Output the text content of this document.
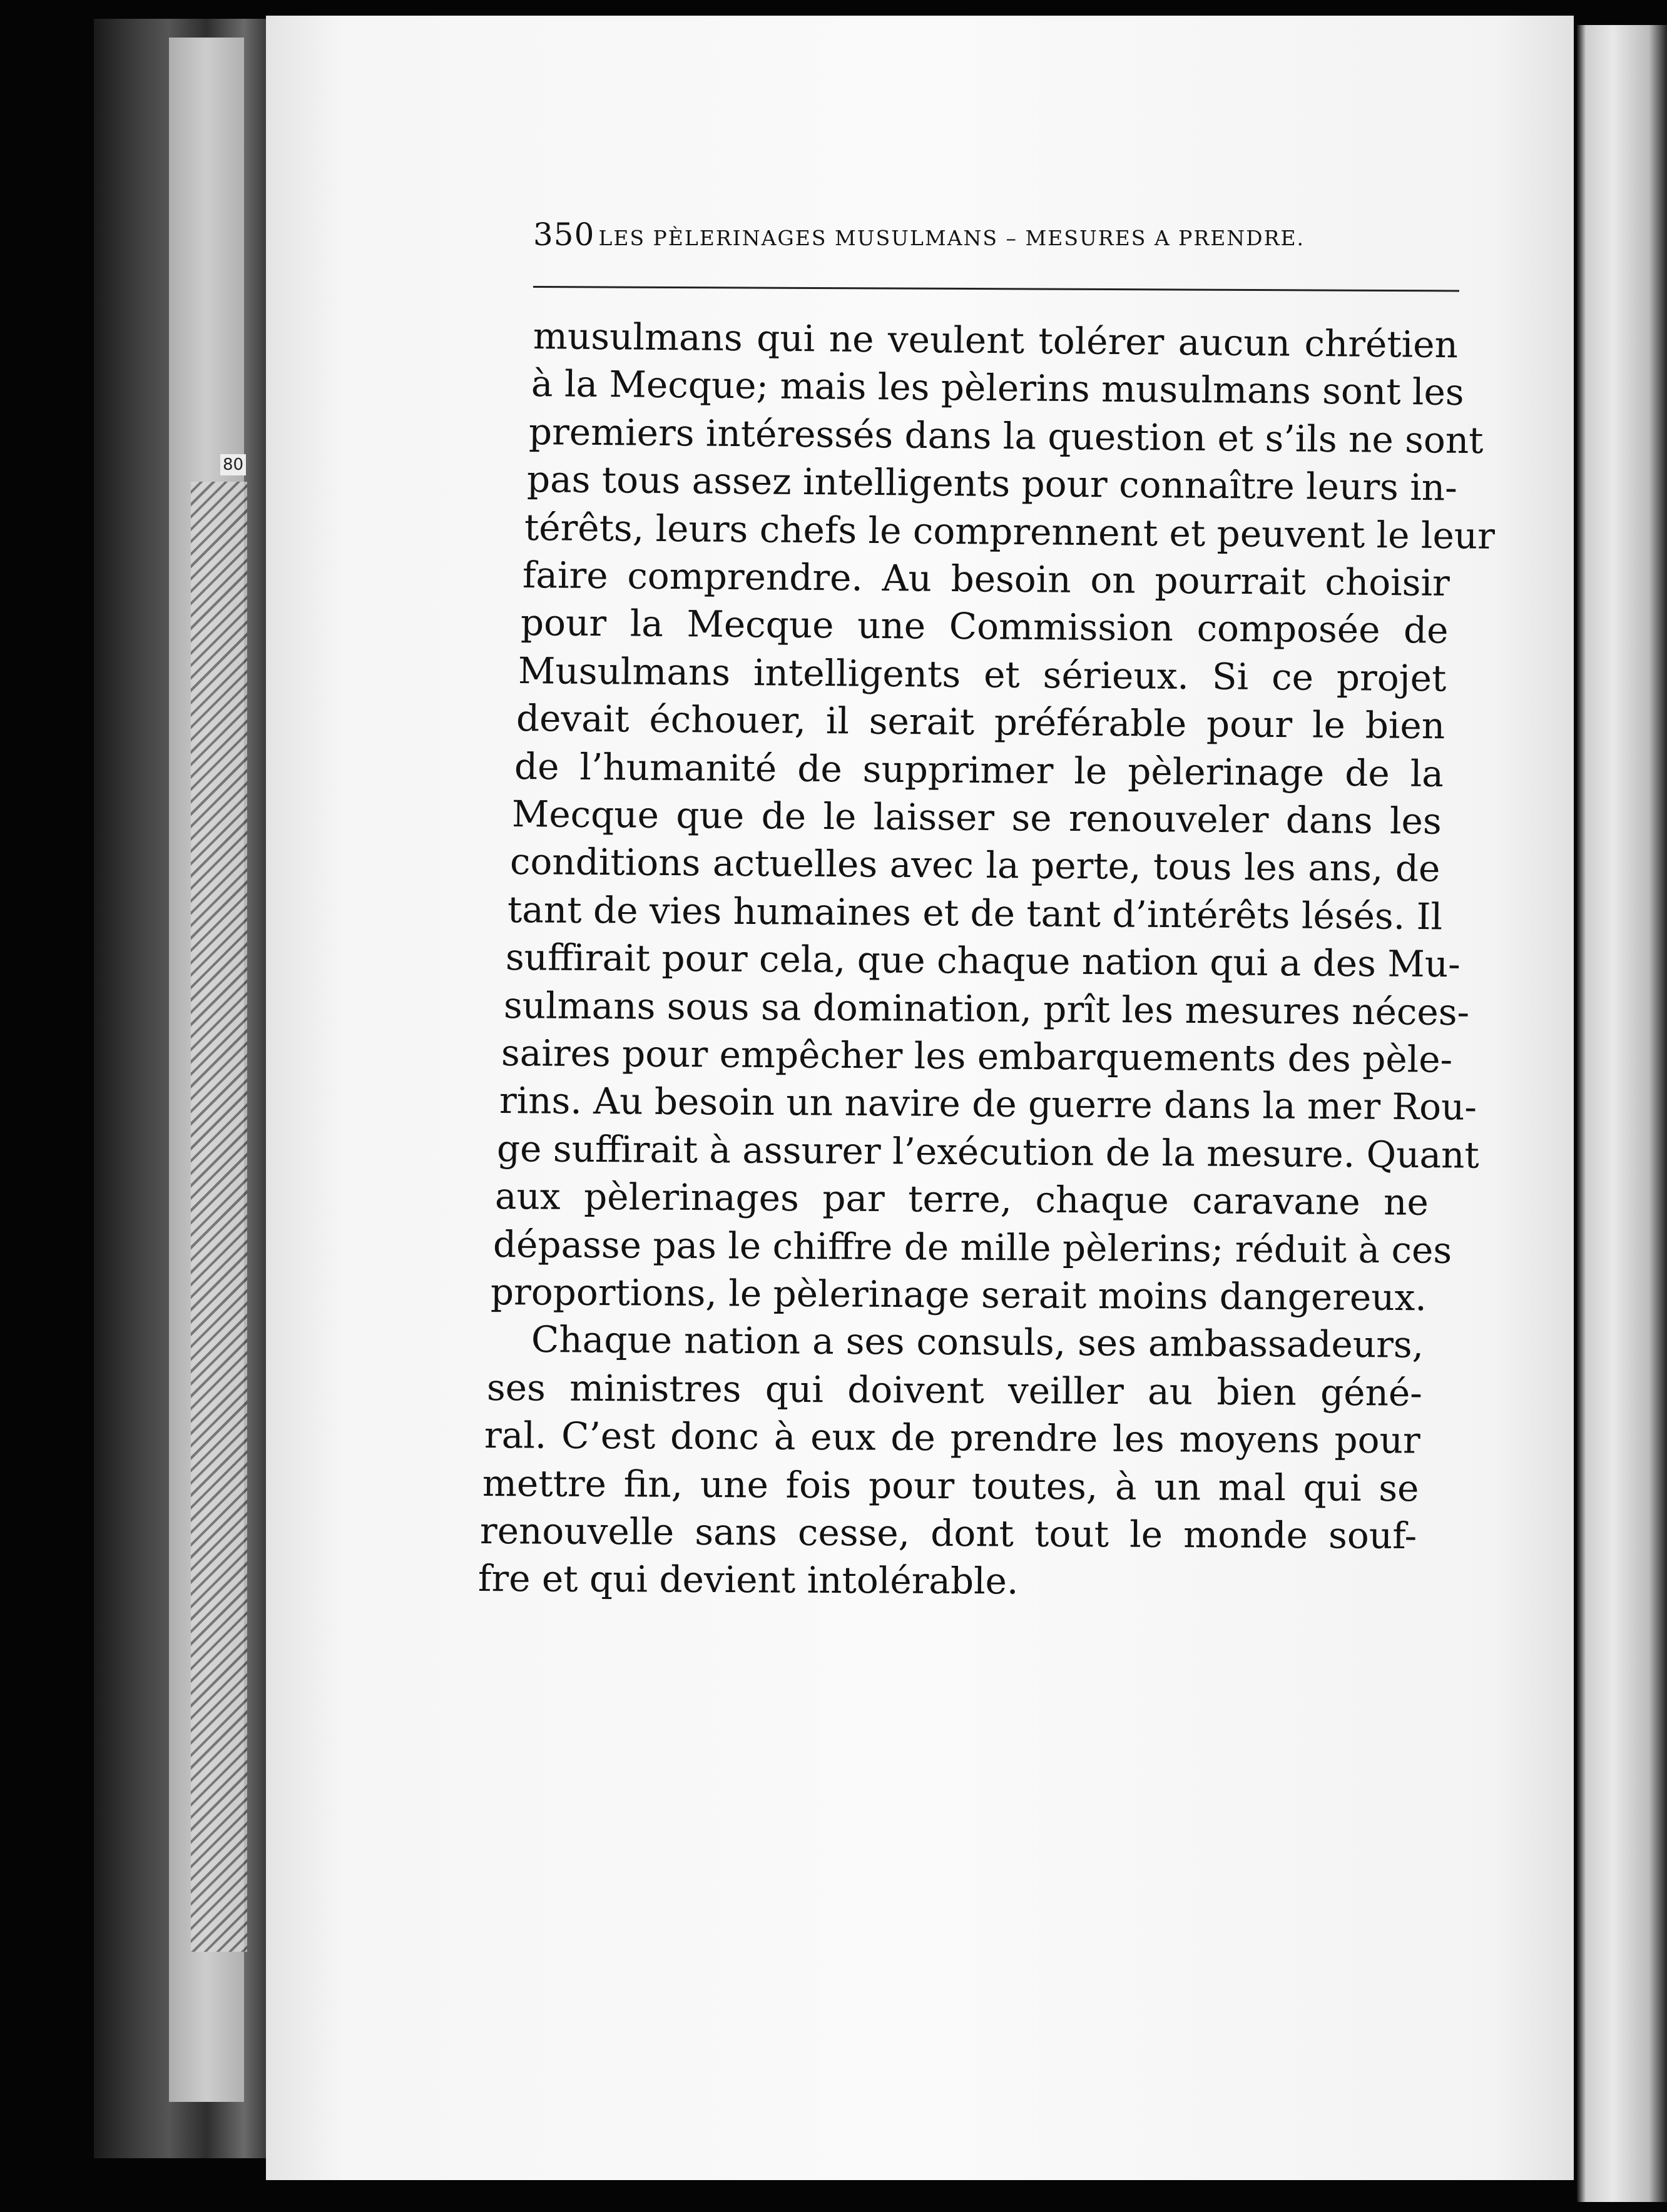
80
350 LES PÈLERINAGES MUSULMANS – MESURES A PRENDRE.
musulmans qui ne veulent tolérer aucun chrétien
à la Mecque; mais les pèlerins musulmans sont les
premiers intéressés dans la question et s’ils ne sont
pas tous assez intelligents pour connaître leurs in-
térêts, leurs chefs le comprennent et peuvent le leur
faire comprendre. Au besoin on pourrait choisir
pour la Mecque une Commission composée de
Musulmans intelligents et sérieux. Si ce projet
devait échouer, il serait préférable pour le bien
de l’humanité de supprimer le pèlerinage de la
Mecque que de le laisser se renouveler dans les
conditions actuelles avec la perte, tous les ans, de
tant de vies humaines et de tant d’intérêts lésés. Il
suffirait pour cela, que chaque nation qui a des Mu-
sulmans sous sa domination, prît les mesures néces-
saires pour empêcher les embarquements des pèle-
rins. Au besoin un navire de guerre dans la mer Rou-
ge suffirait à assurer l’exécution de la mesure. Quant
aux pèlerinages par terre, chaque caravane ne
dépasse pas le chiffre de mille pèlerins; réduit à ces
proportions, le pèlerinage serait moins dangereux.
Chaque nation a ses consuls, ses ambassadeurs,
ses ministres qui doivent veiller au bien géné-
ral. C’est donc à eux de prendre les moyens pour
mettre fin, une fois pour toutes, à un mal qui se
renouvelle sans cesse, dont tout le monde souf-
fre et qui devient intolérable.
